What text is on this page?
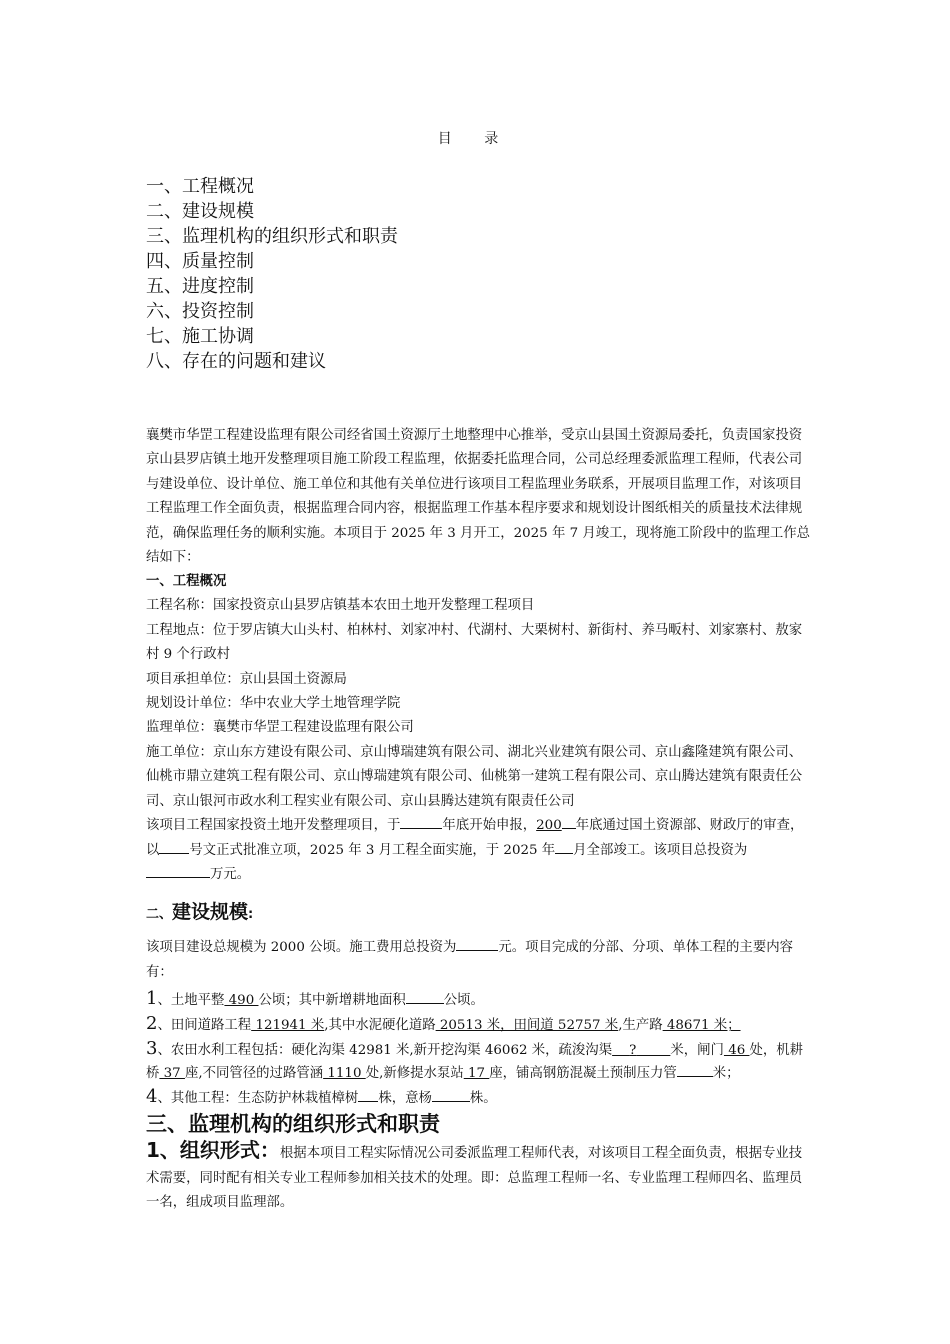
目 录
一、工程概况
二、建设规模
三、监理机构的组织形式和职责
四、质量控制
五、进度控制
六、投资控制
七、施工协调
八、存在的问题和建议

襄樊市华罡工程建设监理有限公司经省国土资源厅土地整理中心推举，受京山县国土资源局委托，负责国家投资京山县罗店镇土地开发整理项目施工阶段工程监理，依据委托监理合同，公司总经理委派监理工程师，代表公司与建设单位、设计单位、施工单位和其他有关单位进行该项目工程监理业务联系，开展项目监理工作，对该项目工程监理工作全面负责，根据监理合同内容，根据监理工作基本程序要求和规划设计图纸相关的质量技术法律规范，确保监理任务的顺利实施。本项目于 2025 年 3 月开工，2025 年 7 月竣工，现将施工阶段中的监理工作总结如下：

一、工程概况

工程名称：国家投资京山县罗店镇基本农田土地开发整理工程项目

工程地点：位于罗店镇大山头村、柏林村、刘家冲村、代湖村、大栗树村、新街村、养马畈村、刘家寨村、敖家村 9 个行政村

项目承担单位：京山县国土资源局

规划设计单位：华中农业大学土地管理学院

监理单位：襄樊市华罡工程建设监理有限公司

施工单位：京山东方建设有限公司、京山博瑞建筑有限公司、湖北兴业建筑有限公司、京山鑫隆建筑有限公司、仙桃市鼎立建筑工程有限公司、京山博瑞建筑有限公司、仙桃第一建筑工程有限公司、京山腾达建筑有限责任公司、京山银河市政水利工程实业有限公司、京山县腾达建筑有限责任公司

该项目工程国家投资土地开发整理项目，于	年底开始申报，200 年底通过国土资源部、财政厅的审查，以 号文正式批准立项，2025 年 3 月工程全面实施，于 2025 年 月全部竣工。该项目总投资为万元。

二、建设规模:

该项目建设总规模为 2000 公顷。施工费用总投资为	元。项目完成的分部、分项、单体工程的主要内容有：

1、土地平整 490 公顷；其中新增耕地面积	公顷。

2、田间道路工程 121941 米,其中水泥硬化道路 20513 米，田间道 52757 米,生产路 48671 米；

3、农田水利工程包括：硬化沟渠 42981 米,新开挖沟渠 46062 米，疏浚沟渠 ?	米，闸门 46 处，机耕桥 37 座,不同管径的过路管涵 1110 处,新修提水泵站 17 座，铺高钢筋混凝土预制压力管	米；

4、其他工程：生态防护林栽植樟树 株，意杨	株。

三、监理机构的组织形式和职责

1、组织形式：根据本项目工程实际情况公司委派监理工程师代表，对该项目工程全面负责，根据专业技术需要，同时配有相关专业工程师参加相关技术的处理。即：总监理工程师一名、专业监理工程师四名、监理员一名，组成项目监理部。
